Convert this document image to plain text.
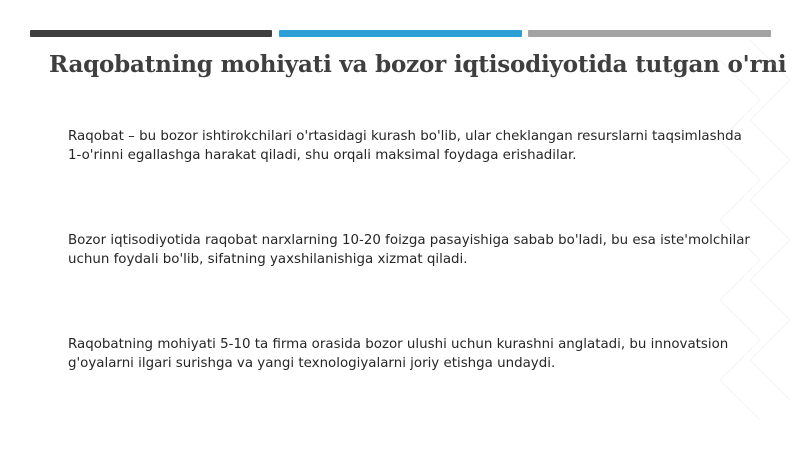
Raqobatning mohiyati va bozor iqtisodiyotida tutgan o'rni

Raqobat – bu bozor ishtirokchilari o'rtasidagi kurash bo'lib, ular cheklangan resurslarni taqsimlashda 1-o'rinni egallashga harakat qiladi, shu orqali maksimal foydaga erishadilar.

Bozor iqtisodiyotida raqobat narxlarning 10-20 foizga pasayishiga sabab bo'ladi, bu esa iste'molchilar uchun foydali bo'lib, sifatning yaxshilanishiga xizmat qiladi.

Raqobatning mohiyati 5-10 ta firma orasida bozor ulushi uchun kurashni anglatadi, bu innovatsion g'oyalarni ilgari surishga va yangi texnologiyalarni joriy etishga undaydi.
